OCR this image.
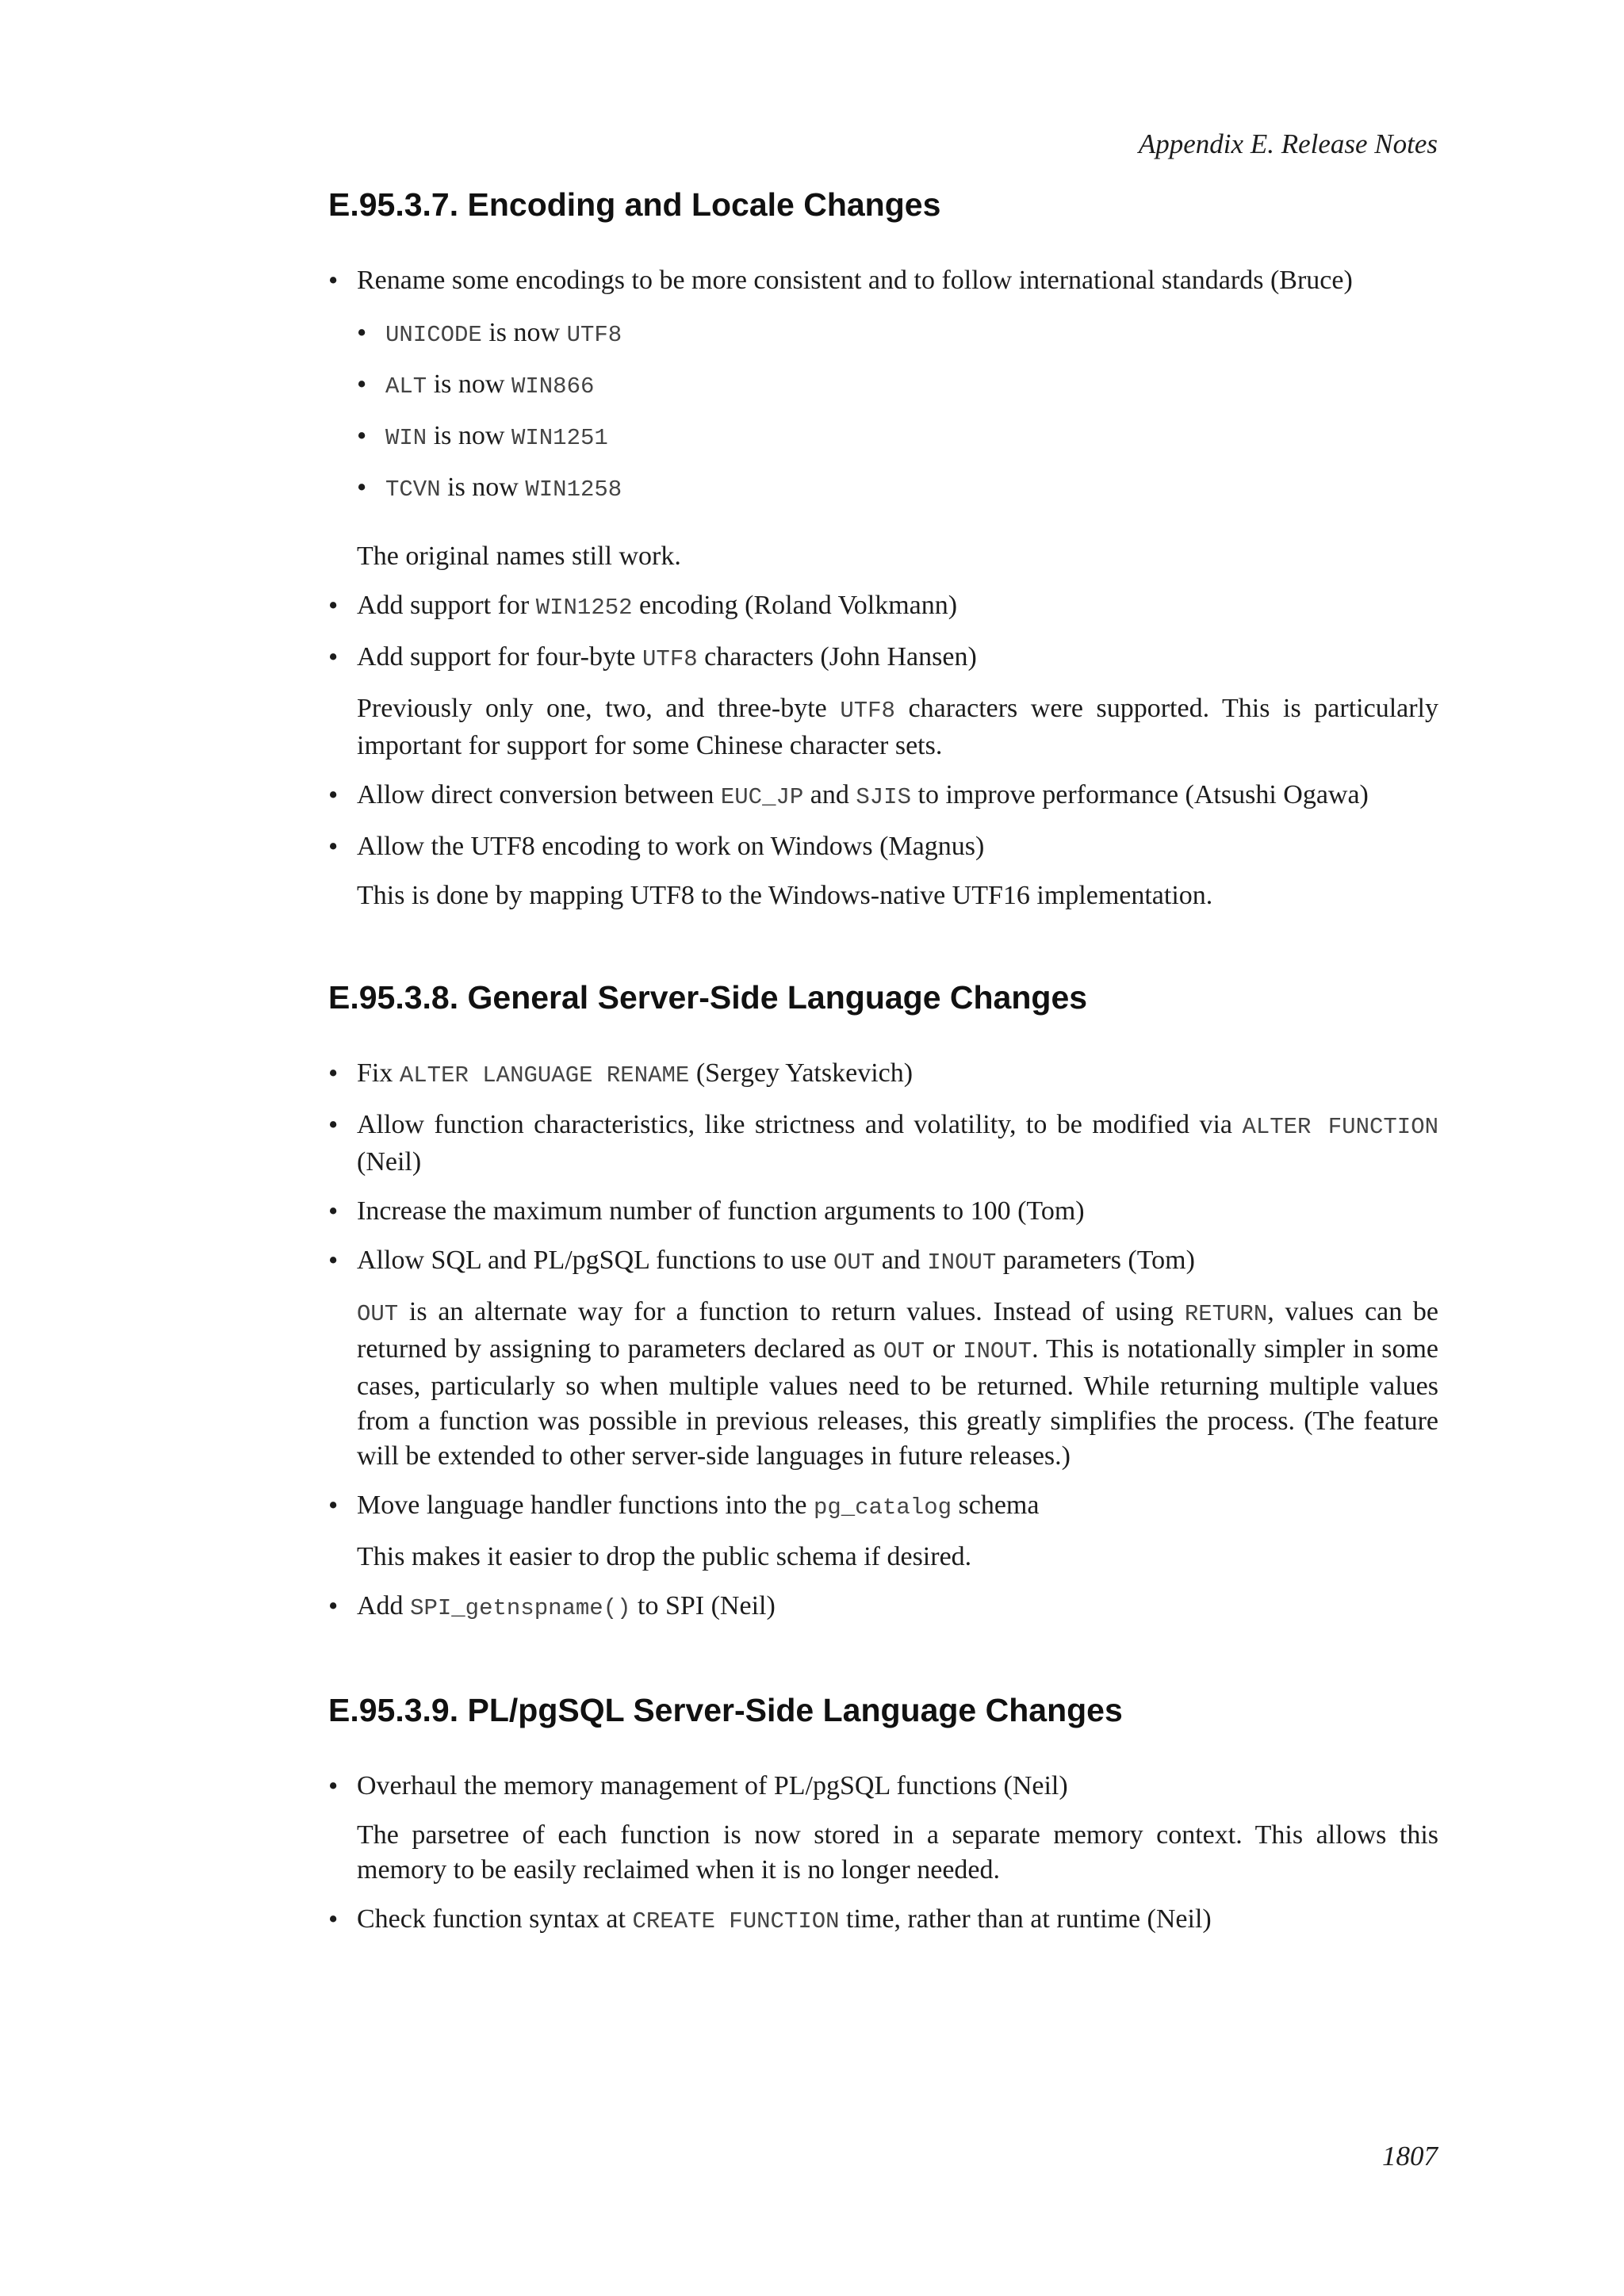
Appendix E. Release Notes
E.95.3.7. Encoding and Locale Changes
• Rename some encodings to be more consistent and to follow international standards (Bruce)
• UNICODE is now UTF8
• ALT is now WIN866
• WIN is now WIN1251
• TCVN is now WIN1258
The original names still work.
• Add support for WIN1252 encoding (Roland Volkmann)
• Add support for four-byte UTF8 characters (John Hansen)
Previously only one, two, and three-byte UTF8 characters were supported. This is particularly important for support for some Chinese character sets.
• Allow direct conversion between EUC_JP and SJIS to improve performance (Atsushi Ogawa)
• Allow the UTF8 encoding to work on Windows (Magnus)
This is done by mapping UTF8 to the Windows-native UTF16 implementation.
E.95.3.8. General Server-Side Language Changes
• Fix ALTER LANGUAGE RENAME (Sergey Yatskevich)
• Allow function characteristics, like strictness and volatility, to be modified via ALTER FUNCTION (Neil)
• Increase the maximum number of function arguments to 100 (Tom)
• Allow SQL and PL/pgSQL functions to use OUT and INOUT parameters (Tom)
OUT is an alternate way for a function to return values. Instead of using RETURN, values can be returned by assigning to parameters declared as OUT or INOUT. This is notationally simpler in some cases, particularly so when multiple values need to be returned. While returning multiple values from a function was possible in previous releases, this greatly simplifies the process. (The feature will be extended to other server-side languages in future releases.)
• Move language handler functions into the pg_catalog schema
This makes it easier to drop the public schema if desired.
• Add SPI_getnspname() to SPI (Neil)
E.95.3.9. PL/pgSQL Server-Side Language Changes
• Overhaul the memory management of PL/pgSQL functions (Neil)
The parsetree of each function is now stored in a separate memory context. This allows this memory to be easily reclaimed when it is no longer needed.
• Check function syntax at CREATE FUNCTION time, rather than at runtime (Neil)
1807
